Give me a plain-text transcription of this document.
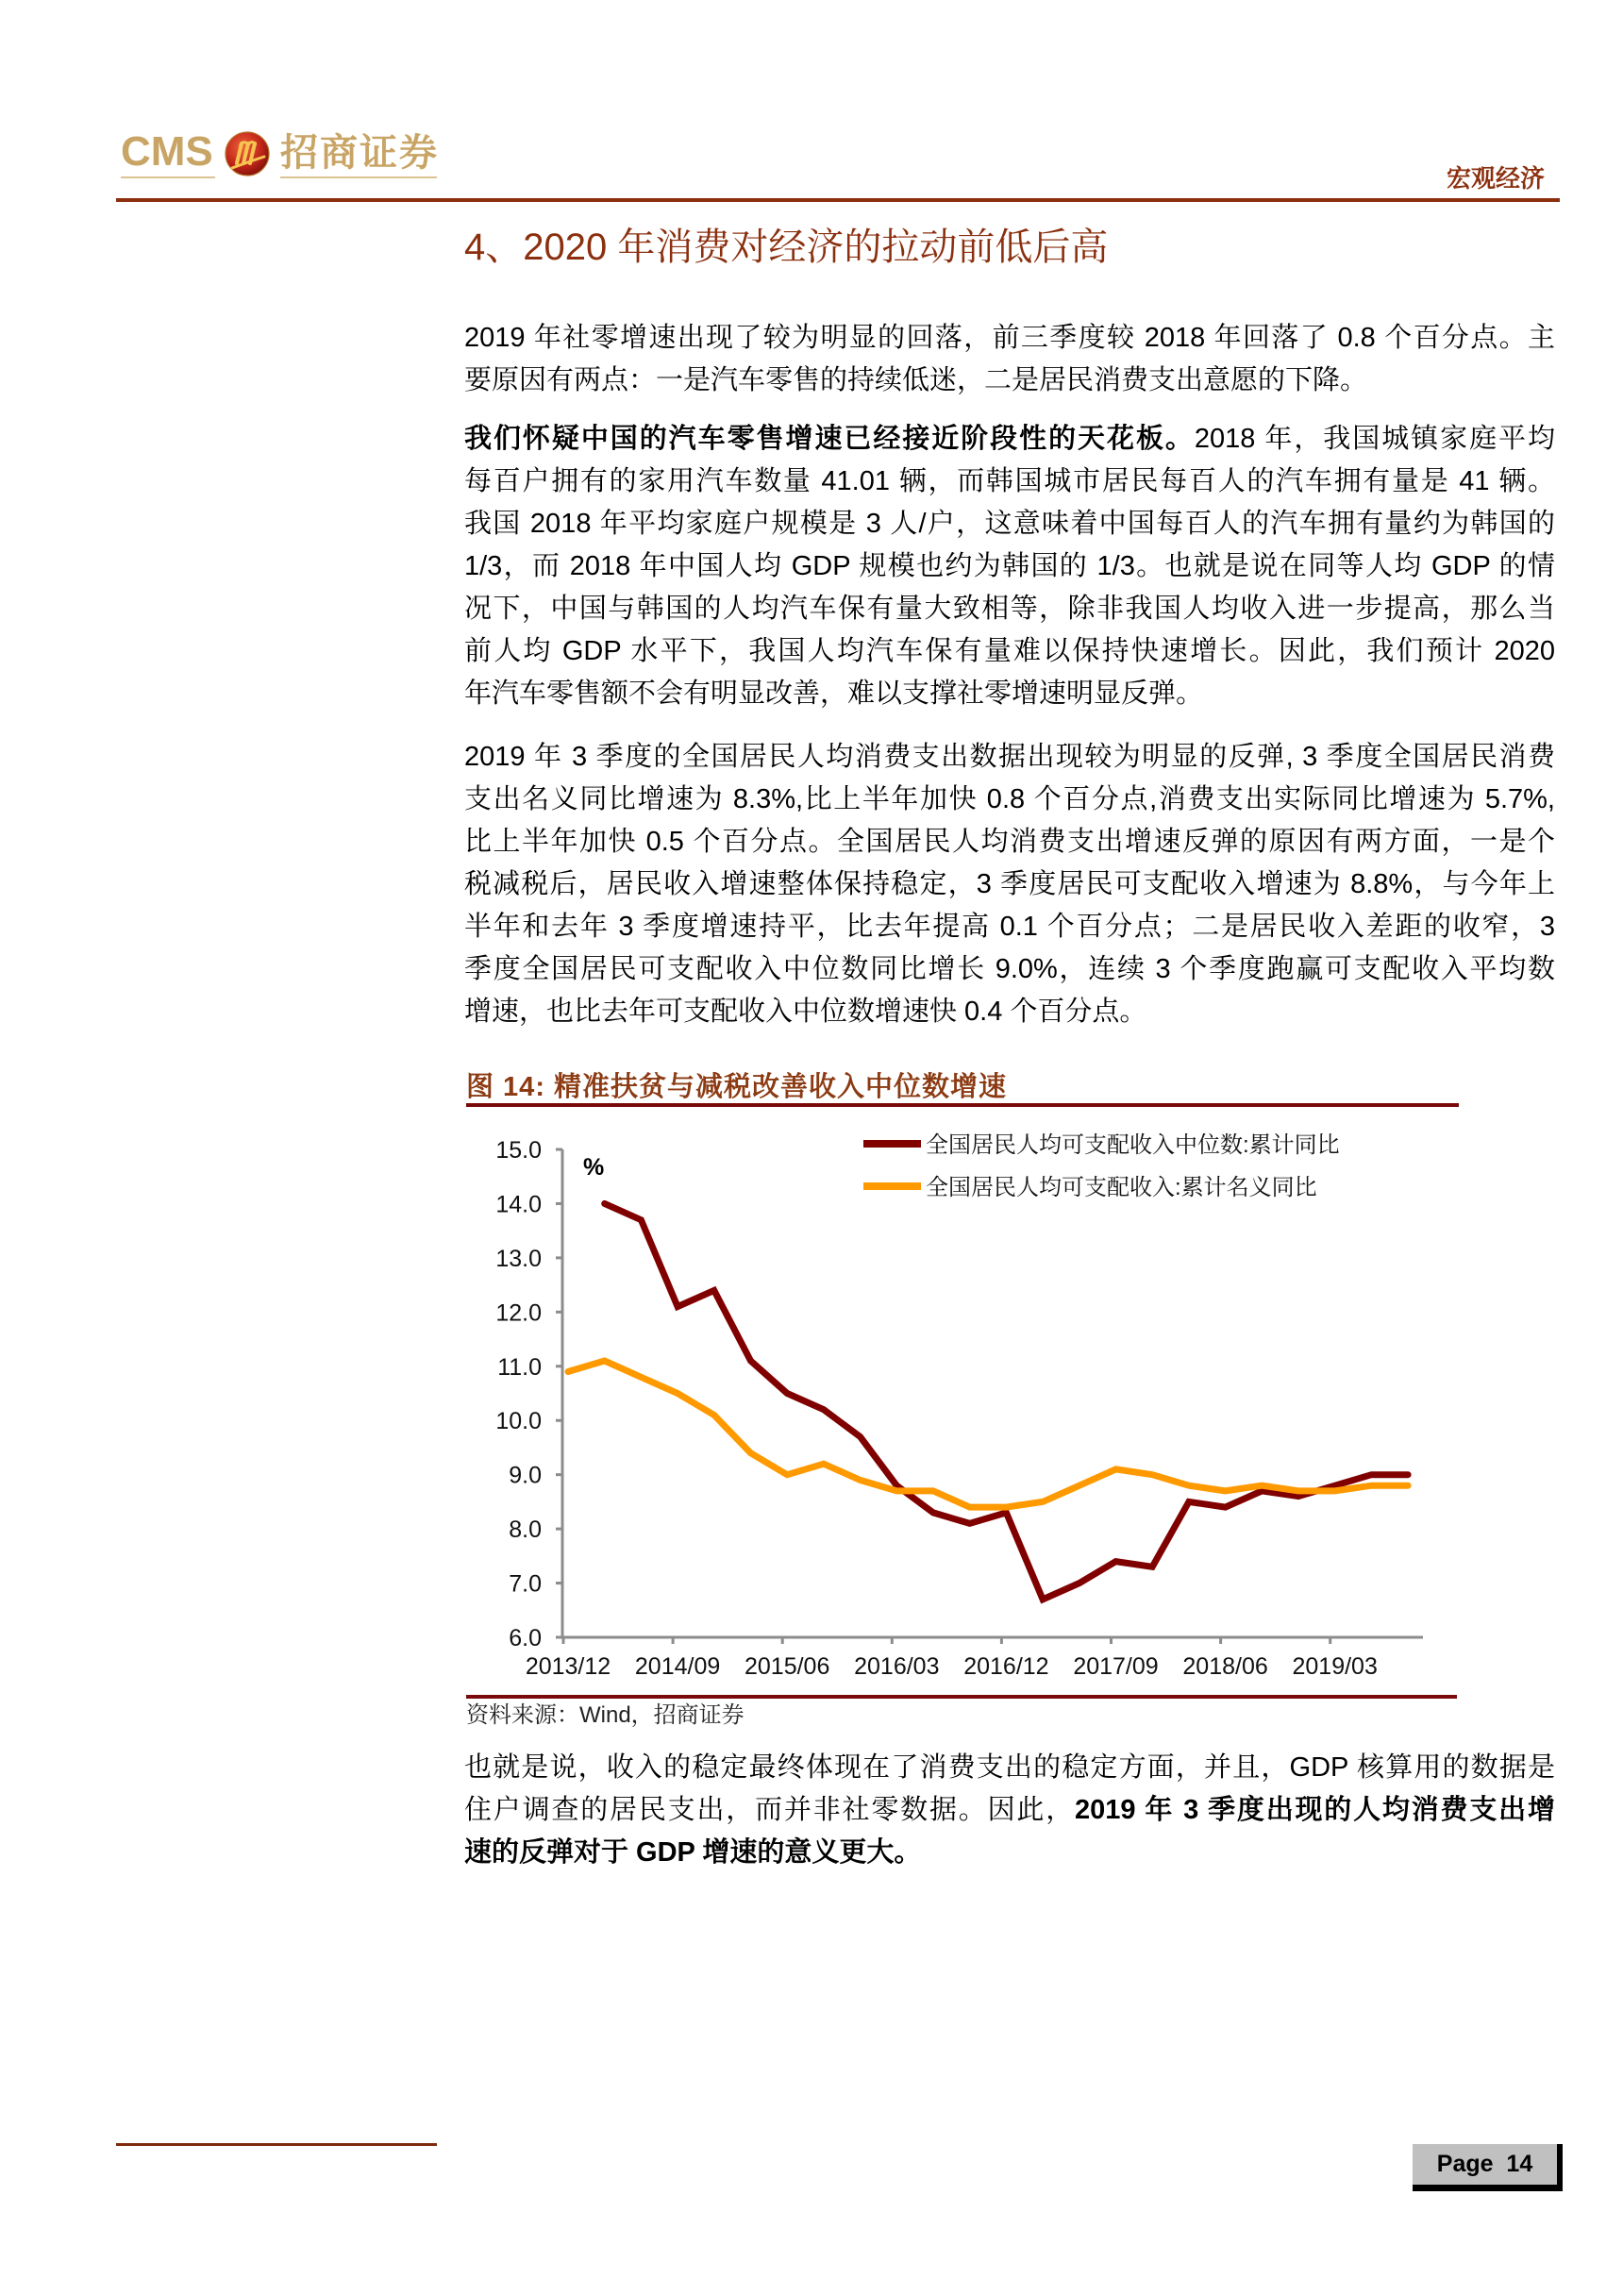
CMS 招商证券
宏观经济
4、2020 年消费对经济的拉动前低后高
2019 年社零增速出现了较为明显的回落，前三季度较 2018 年回落了 0.8 个百分点。主
要原因有两点：一是汽车零售的持续低迷，二是居民消费支出意愿的下降。
我们怀疑中国的汽车零售增速已经接近阶段性的天花板。2018 年，我国城镇家庭平均
每百户拥有的家用汽车数量 41.01 辆，而韩国城市居民每百人的汽车拥有量是 41 辆。
我国 2018 年平均家庭户规模是 3 人/户，这意味着中国每百人的汽车拥有量约为韩国的
1/3，而 2018 年中国人均 GDP 规模也约为韩国的 1/3。也就是说在同等人均 GDP 的情
况下，中国与韩国的人均汽车保有量大致相等，除非我国人均收入进一步提高，那么当
前人均 GDP 水平下，我国人均汽车保有量难以保持快速增长。因此，我们预计 2020
年汽车零售额不会有明显改善，难以支撑社零增速明显反弹。
2019 年 3 季度的全国居民人均消费支出数据出现较为明显的反弹, 3 季度全国居民消费
支出名义同比增速为 8.3%,比上半年加快 0.8 个百分点,消费支出实际同比增速为 5.7%,
比上半年加快 0.5 个百分点。全国居民人均消费支出增速反弹的原因有两方面，一是个
税减税后，居民收入增速整体保持稳定，3 季度居民可支配收入增速为 8.8%，与今年上
半年和去年 3 季度增速持平，比去年提高 0.1 个百分点；二是居民收入差距的收窄，3
季度全国居民可支配收入中位数同比增长 9.0%，连续 3 个季度跑赢可支配收入平均数
增速，也比去年可支配收入中位数增速快 0.4 个百分点。
图 14: 精准扶贫与减税改善收入中位数增速
6.0
7.0
8.0
9.0
10.0
11.0
12.0
13.0
14.0
15.0
2013/12 2014/09 2015/06 2016/03 2016/12 2017/09 2018/06 2019/03
%
全国居民人均可支配收入中位数:累计同比
全国居民人均可支配收入:累计名义同比
资料来源：Wind，招商证券
也就是说，收入的稳定最终体现在了消费支出的稳定方面，并且，GDP 核算用的数据是
住户调查的居民支出，而并非社零数据。因此，2019 年 3 季度出现的人均消费支出增
速的反弹对于 GDP 增速的意义更大。
Page  14
